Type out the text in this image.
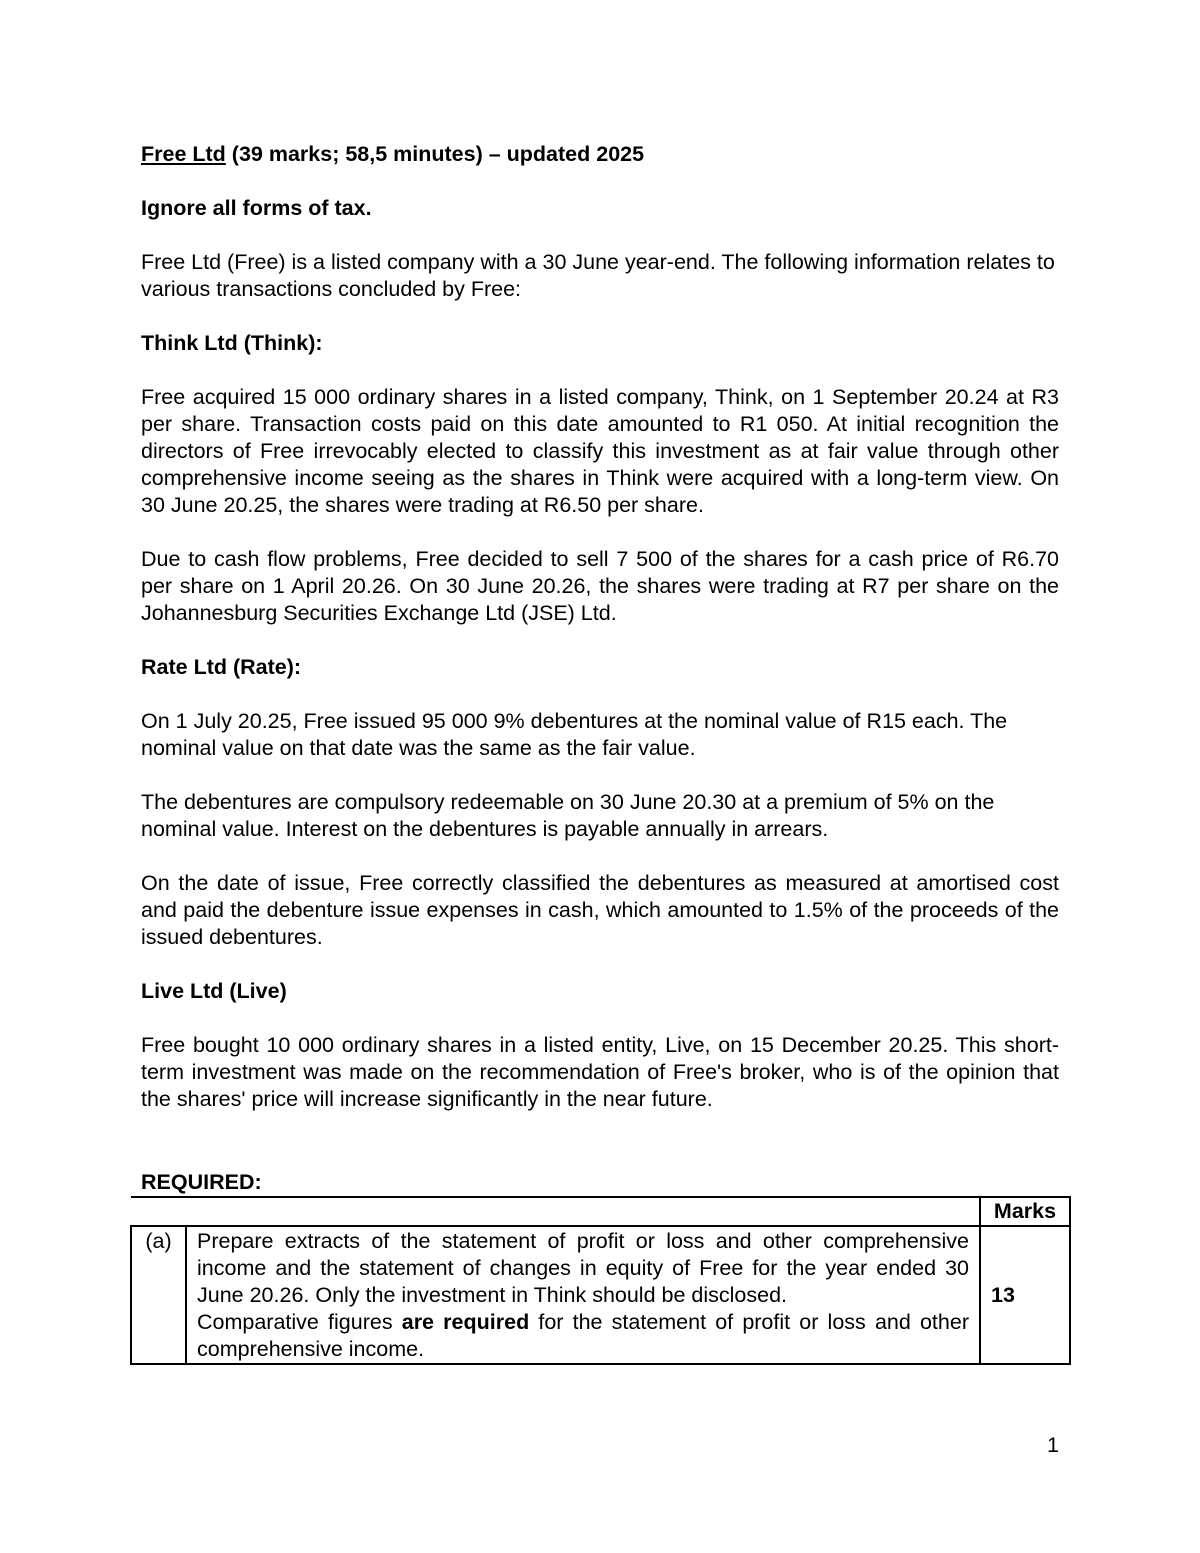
Free Ltd (39 marks; 58,5 minutes) – updated 2025
Ignore all forms of tax.

Free Ltd (Free) is a listed company with a 30 June year-end. The following information relates to various transactions concluded by Free:

Think Ltd (Think):

Free acquired 15 000 ordinary shares in a listed company, Think, on 1 September 20.24 at R3 per share. Transaction costs paid on this date amounted to R1 050. At initial recognition the directors of Free irrevocably elected to classify this investment as at fair value through other comprehensive income seeing as the shares in Think were acquired with a long-term view. On 30 June 20.25, the shares were trading at R6.50 per share.

Due to cash flow problems, Free decided to sell 7 500 of the shares for a cash price of R6.70 per share on 1 April 20.26. On 30 June 20.26, the shares were trading at R7 per share on the Johannesburg Securities Exchange Ltd (JSE) Ltd.

Rate Ltd (Rate):

On 1 July 20.25, Free issued 95 000 9% debentures at the nominal value of R15 each. The nominal value on that date was the same as the fair value.

The debentures are compulsory redeemable on 30 June 20.30 at a premium of 5% on the nominal value. Interest on the debentures is payable annually in arrears.

On the date of issue, Free correctly classified the debentures as measured at amortised cost and paid the debenture issue expenses in cash, which amounted to 1.5% of the proceeds of the issued debentures.

Live Ltd (Live)

Free bought 10 000 ordinary shares in a listed entity, Live, on 15 December 20.25. This short-term investment was made on the recommendation of Free's broker, who is of the opinion that the shares' price will increase significantly in the near future.

REQUIRED:
		Marks
(a)	Prepare extracts of the statement of profit or loss and other comprehensive income and the statement of changes in equity of Free for the year ended 30 June 20.26. Only the investment in Think should be disclosed.
Comparative figures are required for the statement of profit or loss and other comprehensive income.	13
1
